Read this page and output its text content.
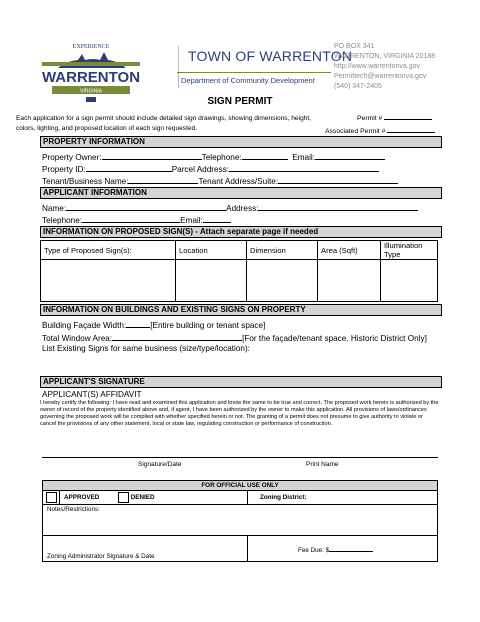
EXPERIENCE
WARRENTON
VIRGINIA
TOWN OF WARRENTON
Department of Community Development
PO BOX 341
WARRENTON, VIRGINIA 20188
http://www.warrentonva.gov
Permittech@warrentonva.gov
(540) 347-2405
SIGN PERMIT
Each application for a sign permit should include detailed sign drawings, showing dimensions, height, colors, lighting, and proposed location of each sign requested.
Permit #
Associated Permit #
PROPERTY INFORMATION
Property Owner:	Telephone:	Email:
Property ID:	Parcel Address:
Tenant/Business Name:	Tenant Address/Suite:
APPLICANT INFORMATION
Name:	Address:
Telephone:	Email:
INFORMATION ON PROPOSED SIGN(S) - Attach separate page if needed
Type of Proposed Sign(s):	Location	Dimension	Area (Sqft)	Illumination Type

INFORMATION ON BUILDINGS AND EXISTING SIGNS ON PROPERTY
Building Façade Width:	[Entire building or tenant space]
Total Window Area:	[For the façade/tenant space. Historic District Only]
List Existing Signs for same business (size/type/location):
APPLICANT'S SIGNATURE
APPLICANT(S) AFFIDAVIT
I hereby certify the following: I have read and examined this application and know the same to be true and correct. The proposed work herein is authorized by the owner of record of the property identified above and, if agent, I have been authorized by the owner to make this application. All provisions of laws/ordinances governing the proposed work will be complied with whether specified herein or not. The granting of a permit does not presume to give authority to violate or cancel the provisions of any other statement, local or state law, regulating construction or performance of construction.
Signature/Date	Print Name
FOR OFFICIAL USE ONLY			
	APPROVED	DENIED	Zoning District:
Notes/Restrictions:			
Zoning Administrator Signature & Date			Fee Due: $
